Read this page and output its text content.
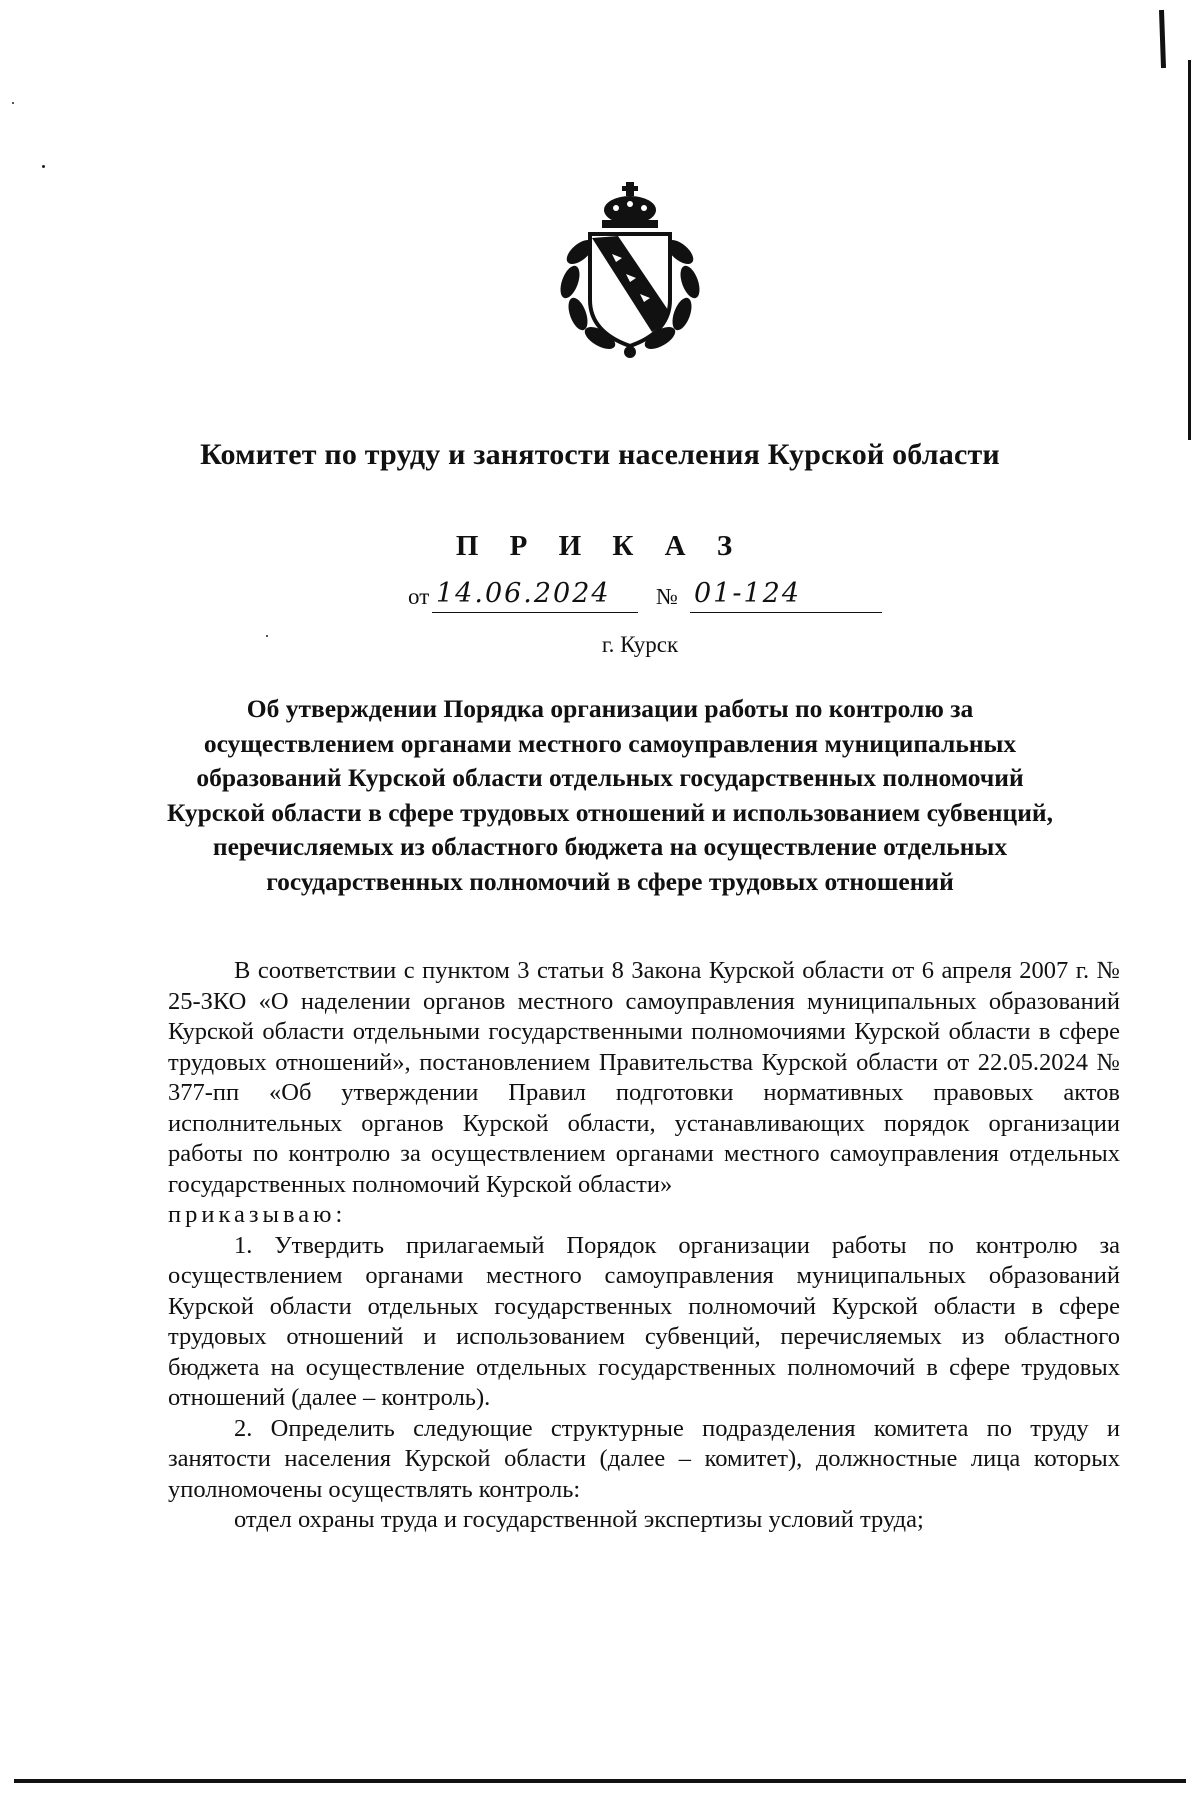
Комитет по труду и занятости населения Курской области
П Р И К А З
от 14.06.2024	№ 01-124
г. Курск
Об утверждении Порядка организации работы по контролю за осуществлением органами местного самоуправления муниципальных образований Курской области отдельных государственных полномочий Курской области в сфере трудовых отношений и использованием субвенций, перечисляемых из областного бюджета на осуществление отдельных государственных полномочий в сфере трудовых отношений

В соответствии с пунктом 3 статьи 8 Закона Курской области от 6 апреля 2007 г. № 25-ЗКО «О наделении органов местного самоуправления муниципальных образований Курской области отдельными государственными полномочиями Курской области в сфере трудовых отношений», постановлением Правительства Курской области от 22.05.2024 № 377-пп «Об утверждении Правил подготовки нормативных правовых актов исполнительных органов Курской области, устанавливающих порядок организации работы по контролю за осуществлением органами местного самоуправления отдельных государственных полномочий Курской области»

приказываю:

1. Утвердить прилагаемый Порядок организации работы по контролю за осуществлением органами местного самоуправления муниципальных образований Курской области отдельных государственных полномочий Курской области в сфере трудовых отношений и использованием субвенций, перечисляемых из областного бюджета на осуществление отдельных государственных полномочий в сфере трудовых отношений (далее – контроль).

2. Определить следующие структурные подразделения комитета по труду и занятости населения Курской области (далее – комитет), должностные лица которых уполномочены осуществлять контроль:

отдел охраны труда и государственной экспертизы условий труда;
